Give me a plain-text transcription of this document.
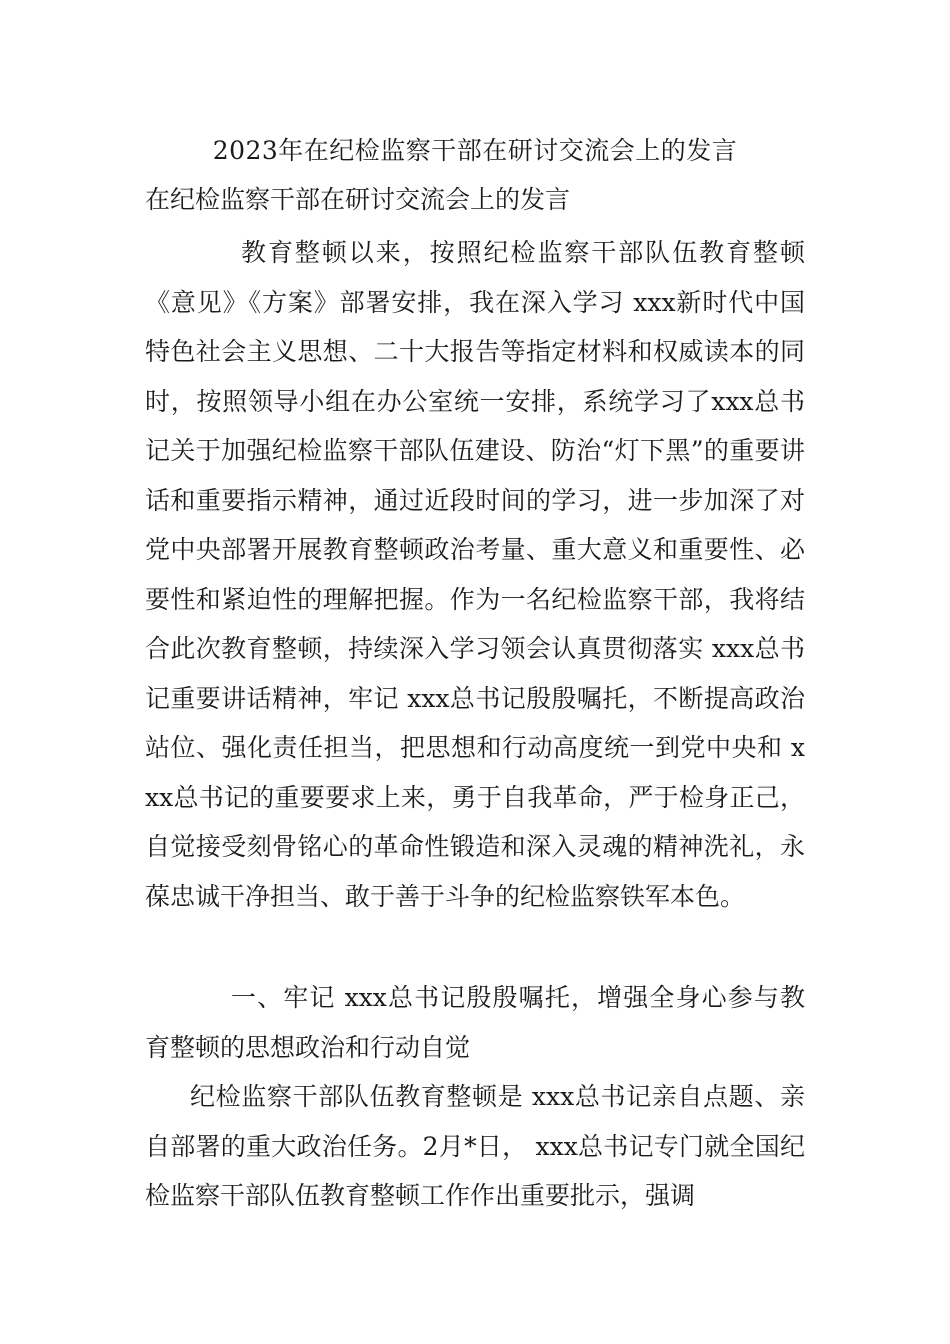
2023年在纪检监察干部在研讨交流会上的发言
在纪检监察干部在研讨交流会上的发言

教育整顿以来，按照纪检监察干部队伍教育整顿《意见》《方案》部署安排，我在深入学习 xxx新时代中国特色社会主义思想、二十大报告等指定材料和权威读本的同时，按照领导小组在办公室统一安排，系统学习了xxx总书记关于加强纪检监察干部队伍建设、防治“灯下黑”的重要讲话和重要指示精神，通过近段时间的学习，进一步加深了对党中央部署开展教育整顿政治考量、重大意义和重要性、必要性和紧迫性的理解把握。作为一名纪检监察干部，我将结合此次教育整顿，持续深入学习领会认真贯彻落实 xxx总书记重要讲话精神，牢记 xxx总书记殷殷嘱托，不断提高政治站位、强化责任担当，把思想和行动高度统一到党中央和 xxx总书记的重要要求上来，勇于自我革命，严于检身正己，自觉接受刻骨铭心的革命性锻造和深入灵魂的精神洗礼，永葆忠诚干净担当、敢于善于斗争的纪检监察铁军本色。

一、牢记 xxx总书记殷殷嘱托，增强全身心参与教育整顿的思想政治和行动自觉

纪检监察干部队伍教育整顿是 xxx总书记亲自点题、亲自部署的重大政治任务。2月*日， xxx总书记专门就全国纪检监察干部队伍教育整顿工作作出重要批示，强调
